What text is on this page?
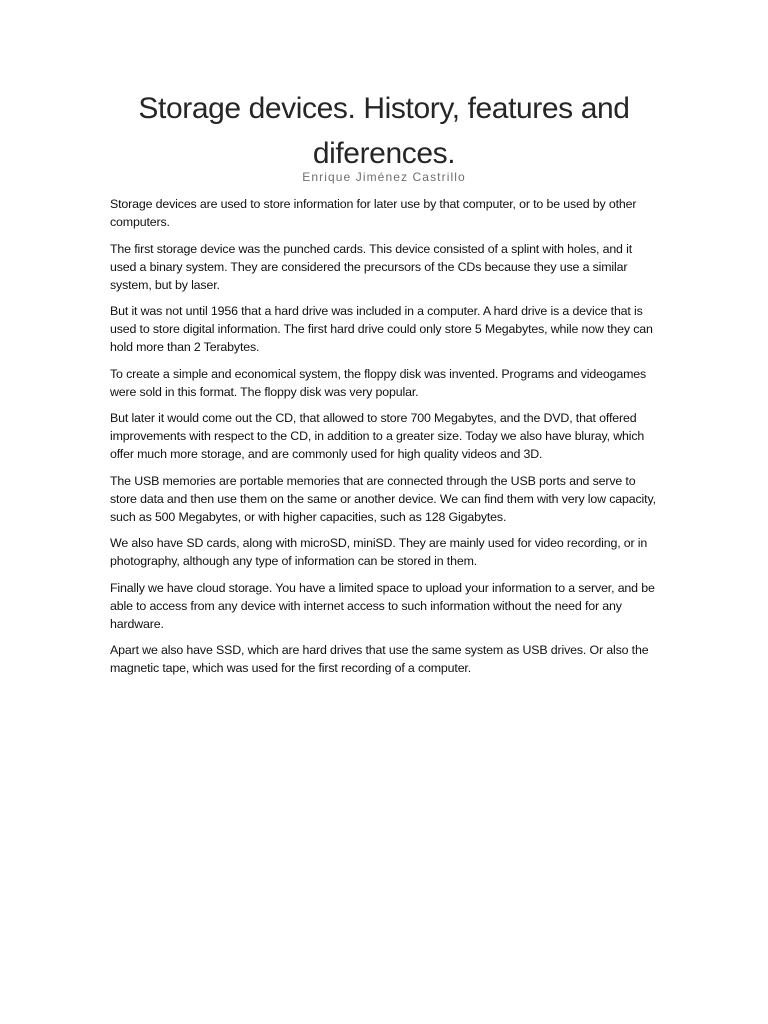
Storage devices. History, features and diferences.
Enrique Jiménez Castrillo

Storage devices are used to store information for later use by that computer, or to be used by other computers.

The first storage device was the punched cards. This device consisted of a splint with holes, and it used a binary system. They are considered the precursors of the CDs because they use a similar system, but by laser.

But it was not until 1956 that a hard drive was included in a computer. A hard drive is a device that is used to store digital information. The first hard drive could only store 5 Megabytes, while now they can hold more than 2 Terabytes.

To create a simple and economical system, the floppy disk was invented. Programs and videogames were sold in this format. The floppy disk was very popular.

But later it would come out the CD, that allowed to store 700 Megabytes, and the DVD, that offered improvements with respect to the CD, in addition to a greater size. Today we also have bluray, which offer much more storage, and are commonly used for high quality videos and 3D.

The USB memories are portable memories that are connected through the USB ports and serve to store data and then use them on the same or another device. We can find them with very low capacity, such as 500 Megabytes, or with higher capacities, such as 128 Gigabytes.

We also have SD cards, along with microSD, miniSD. They are mainly used for video recording, or in photography, although any type of information can be stored in them.

Finally we have cloud storage. You have a limited space to upload your information to a server, and be able to access from any device with internet access to such information without the need for any hardware.

Apart we also have SSD, which are hard drives that use the same system as USB drives. Or also the magnetic tape, which was used for the first recording of a computer.
